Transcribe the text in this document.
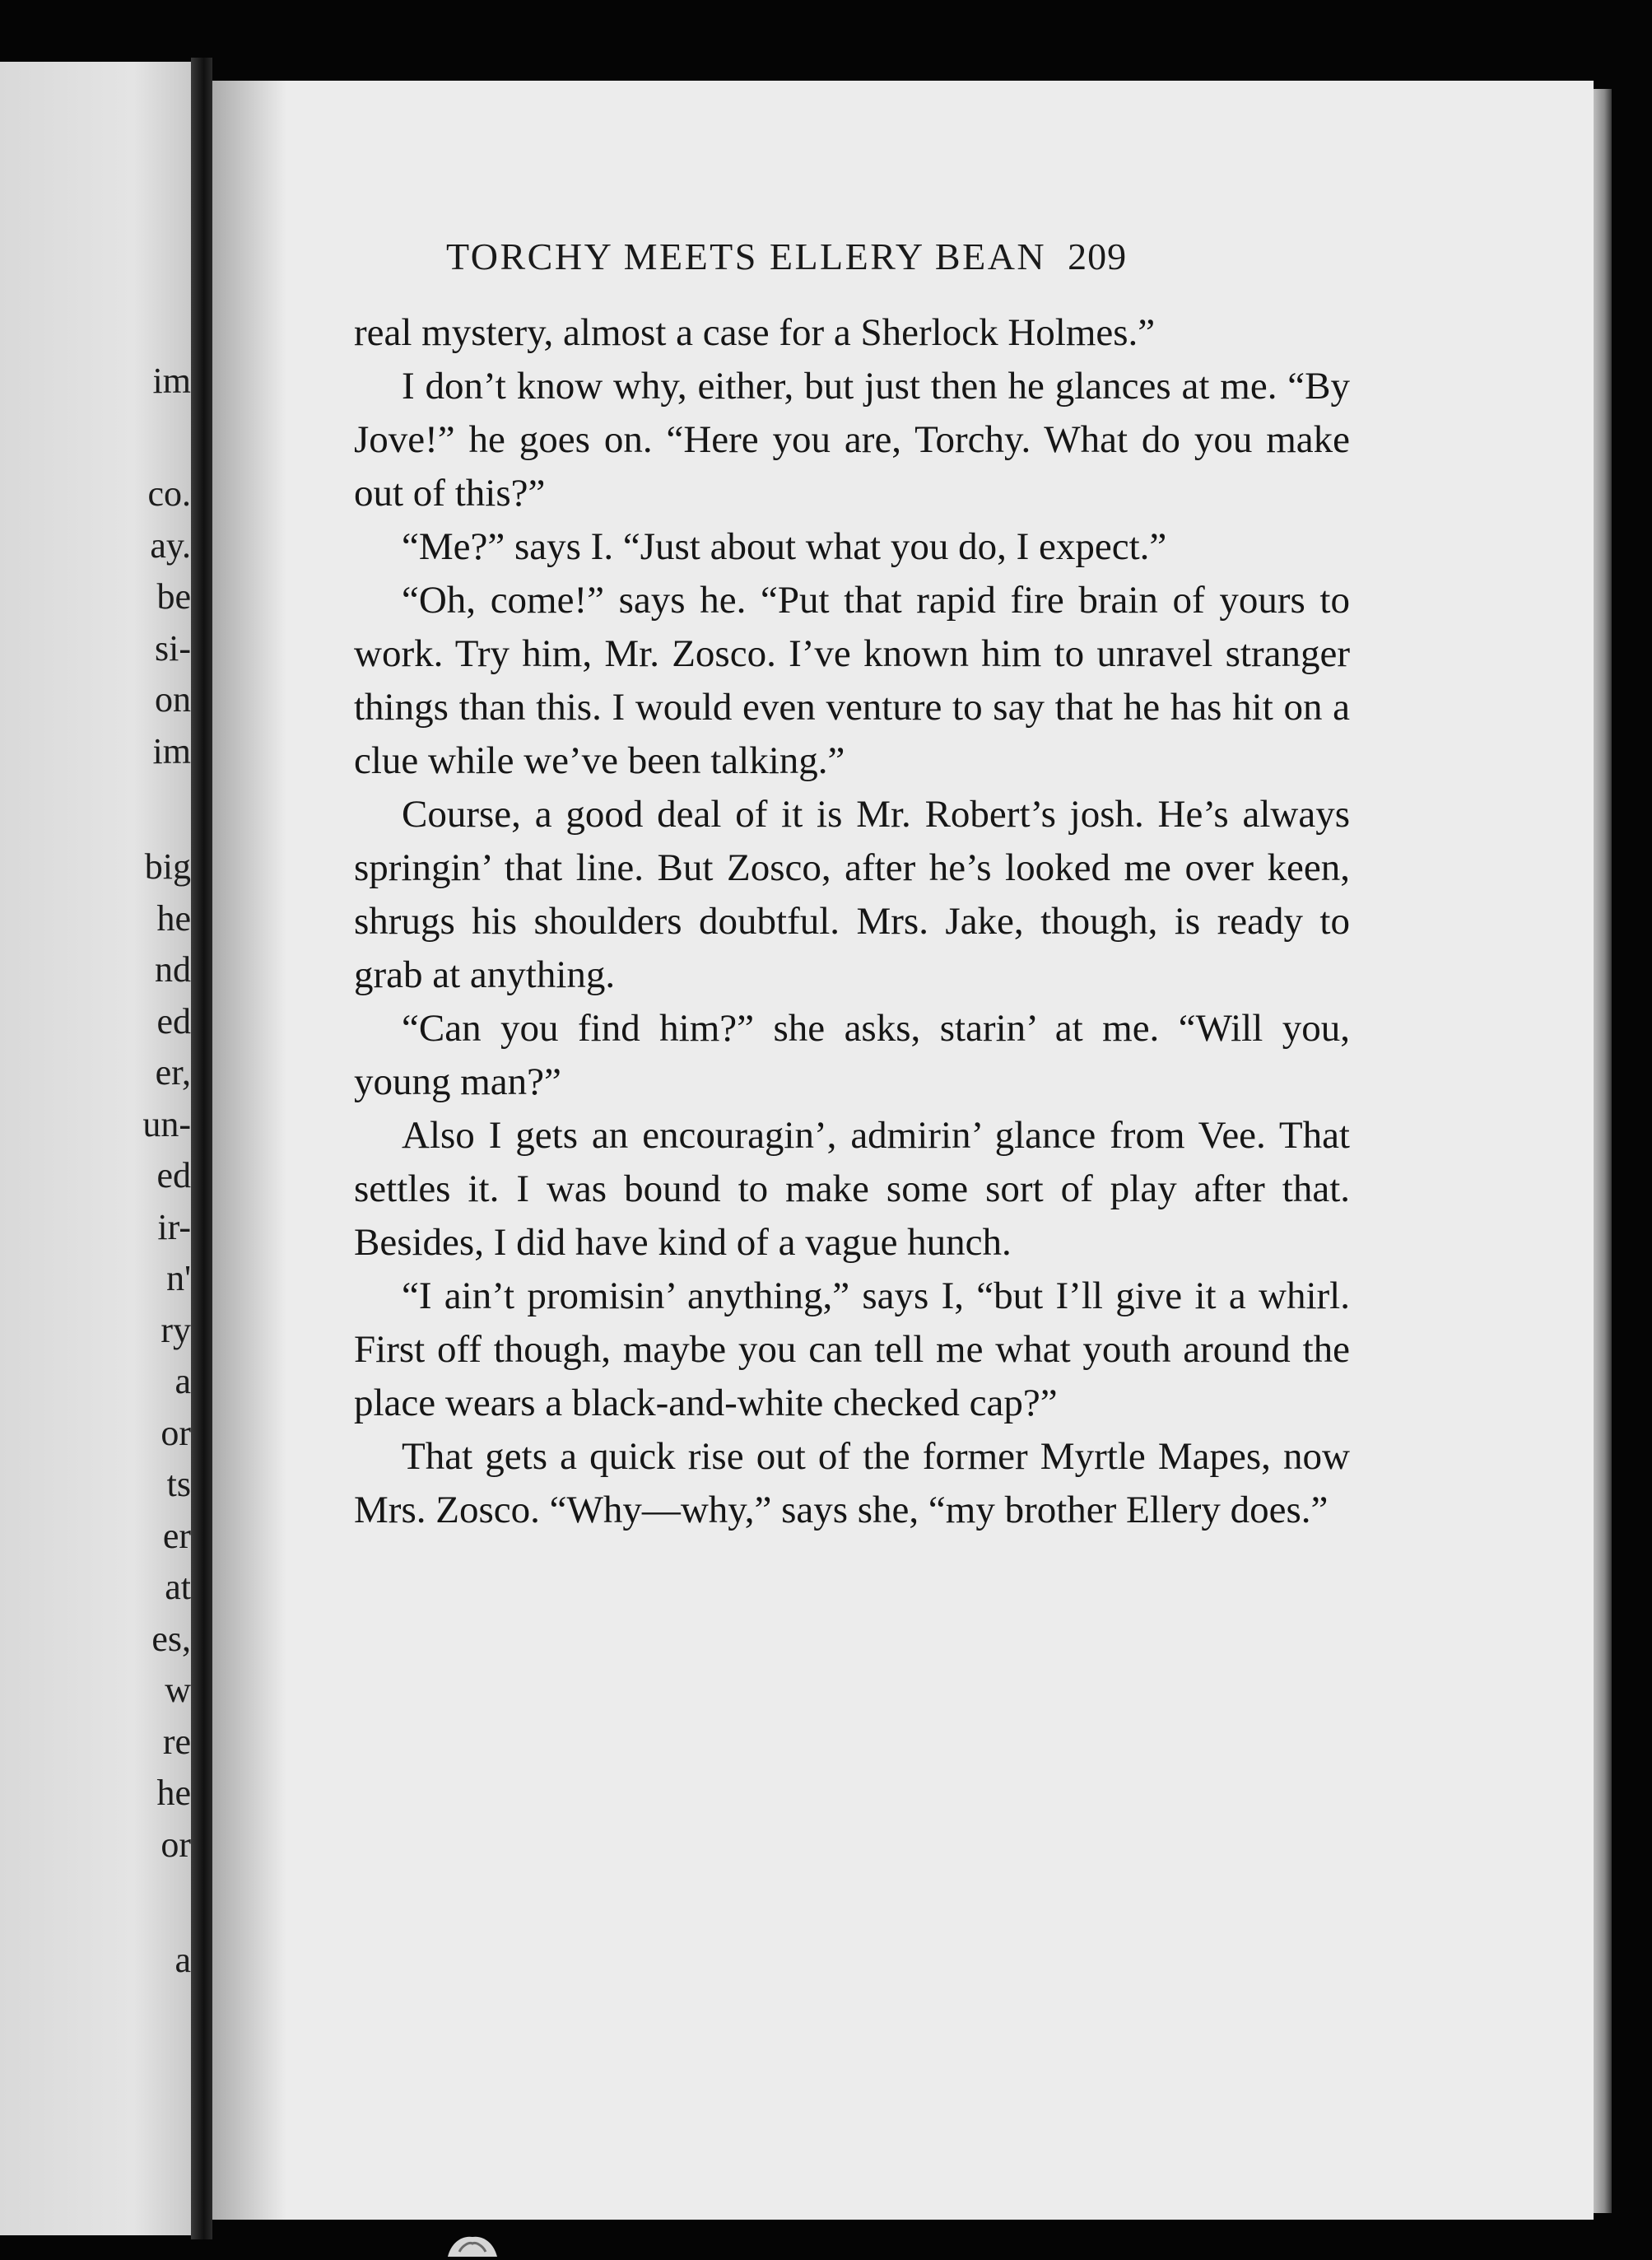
im
co.
ay.
be
si-
on
im
big
he
nd
ed
er,
un-
ed
ir-
n'
ry
a
or
ts
er
at
es,
w
re
he
or
a
TORCHY MEETS ELLERY BEAN 209

real mystery, almost a case for a Sherlock Holmes.”

I don’t know why, either, but just then he glances at me. “By Jove!” he goes on. “Here you are, Torchy. What do you make out of this?”

“Me?” says I. “Just about what you do, I expect.”

“Oh, come!” says he. “Put that rapid fire brain of yours to work. Try him, Mr. Zosco. I’ve known him to unravel stranger things than this. I would even venture to say that he has hit on a clue while we’ve been talking.”

Course, a good deal of it is Mr. Robert’s josh. He’s always springin’ that line. But Zosco, after he’s looked me over keen, shrugs his shoulders doubtful. Mrs. Jake, though, is ready to grab at anything.

“Can you find him?” she asks, starin’ at me. “Will you, young man?”

Also I gets an encouragin’, admirin’ glance from Vee. That settles it. I was bound to make some sort of play after that. Besides, I did have kind of a vague hunch.

“I ain’t promisin’ anything,” says I, “but I’ll give it a whirl. First off though, maybe you can tell me what youth around the place wears a black-and-white checked cap?”

That gets a quick rise out of the former Myrtle Mapes, now Mrs. Zosco. “Why—why,” says she, “my brother Ellery does.”
